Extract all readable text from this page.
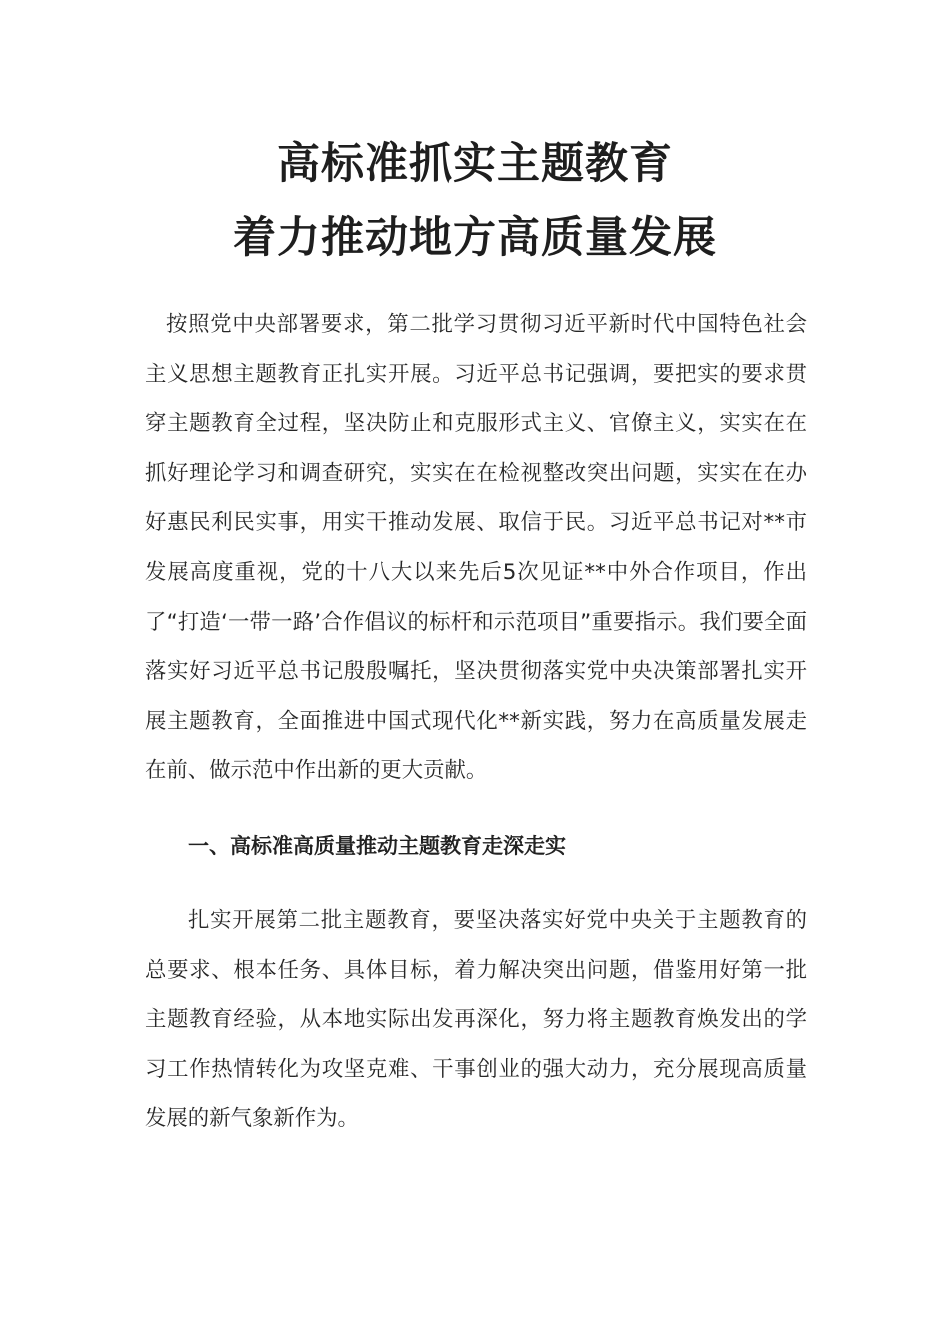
高标准抓实主题教育
着力推动地方高质量发展

按照党中央部署要求，第二批学习贯彻习近平新时代中国特色社会主义思想主题教育正扎实开展。习近平总书记强调，要把实的要求贯穿主题教育全过程，坚决防止和克服形式主义、官僚主义，实实在在抓好理论学习和调查研究，实实在在检视整改突出问题，实实在在办好惠民利民实事，用实干推动发展、取信于民。习近平总书记对**市发展高度重视，党的十八大以来先后5次见证**中外合作项目，作出了“打造‘一带一路’合作倡议的标杆和示范项目”重要指示。我们要全面落实好习近平总书记殷殷嘱托，坚决贯彻落实党中央决策部署扎实开展主题教育，全面推进中国式现代化**新实践，努力在高质量发展走在前、做示范中作出新的更大贡献。

一、高标准高质量推动主题教育走深走实

扎实开展第二批主题教育，要坚决落实好党中央关于主题教育的总要求、根本任务、具体目标，着力解决突出问题，借鉴用好第一批主题教育经验，从本地实际出发再深化，努力将主题教育焕发出的学习工作热情转化为攻坚克难、干事创业的强大动力，充分展现高质量发展的新气象新作为。
